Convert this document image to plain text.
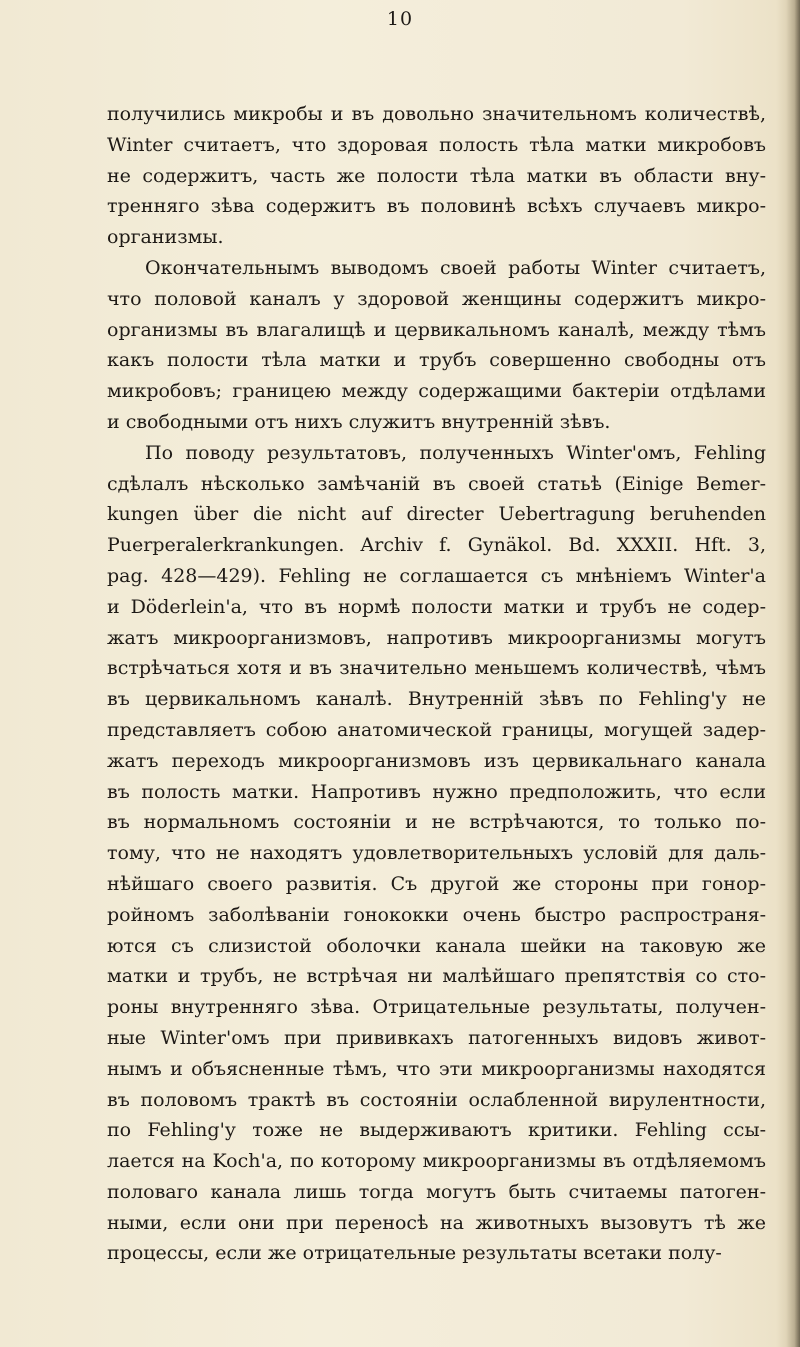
10
получились микробы и въ довольно значительномъ количествѣ,
Winter считаетъ, что здоровая полость тѣла матки микробовъ
не содержитъ, часть же полости тѣла матки въ области вну-
тренняго зѣва содержитъ въ половинѣ всѣхъ случаевъ микро-
организмы.
Окончательнымъ выводомъ своей работы Winter считаетъ,
что половой каналъ у здоровой женщины содержитъ микро-
организмы въ влагалищѣ и цервикальномъ каналѣ, между тѣмъ
какъ полости тѣла матки и трубъ совершенно свободны отъ
микробовъ; границею между содержащими бактеріи отдѣлами
и свободными отъ нихъ служитъ внутренній зѣвъ.
По поводу результатовъ, полученныхъ Winter'омъ, Fehling
сдѣлалъ нѣсколько замѣчаній въ своей статьѣ (Einige Bemer-
kungen über die nicht auf directer Uebertragung beruhenden
Puerperalerkrankungen. Archiv f. Gynäkol. Bd. XXXII. Hft. 3,
pag. 428—429). Fehling не соглашается съ мнѣніемъ Winter'а
и Döderlein'а, что въ нормѣ полости матки и трубъ не содер-
жатъ микроорганизмовъ, напротивъ микроорганизмы могутъ
встрѣчаться хотя и въ значительно меньшемъ количествѣ, чѣмъ
въ цервикальномъ каналѣ. Внутренній зѣвъ по Fehling'у не
представляетъ собою анатомической границы, могущей задер-
жатъ переходъ микроорганизмовъ изъ цервикальнаго канала
въ полость матки. Напротивъ нужно предположить, что если
въ нормальномъ состояніи и не встрѣчаются, то только по-
тому, что не находятъ удовлетворительныхъ условій для даль-
нѣйшаго своего развитія. Съ другой же стороны при гонор-
ройномъ заболѣваніи гонококки очень быстро распространя-
ются съ слизистой оболочки канала шейки на таковую же
матки и трубъ, не встрѣчая ни малѣйшаго препятствія со сто-
роны внутренняго зѣва. Отрицательные результаты, получен-
ные Winter'омъ при прививкахъ патогенныхъ видовъ живот-
нымъ и объясненные тѣмъ, что эти микроорганизмы находятся
въ половомъ трактѣ въ состояніи ослабленной вирулентности,
по Fehling'у тоже не выдерживаютъ критики. Fehling ссы-
лается на Koch'а, по которому микроорганизмы въ отдѣляемомъ
половаго канала лишь тогда могутъ быть считаемы патоген-
ными, если они при переносѣ на животныхъ вызовутъ тѣ же
процессы, если же отрицательные результаты всетаки полу-
